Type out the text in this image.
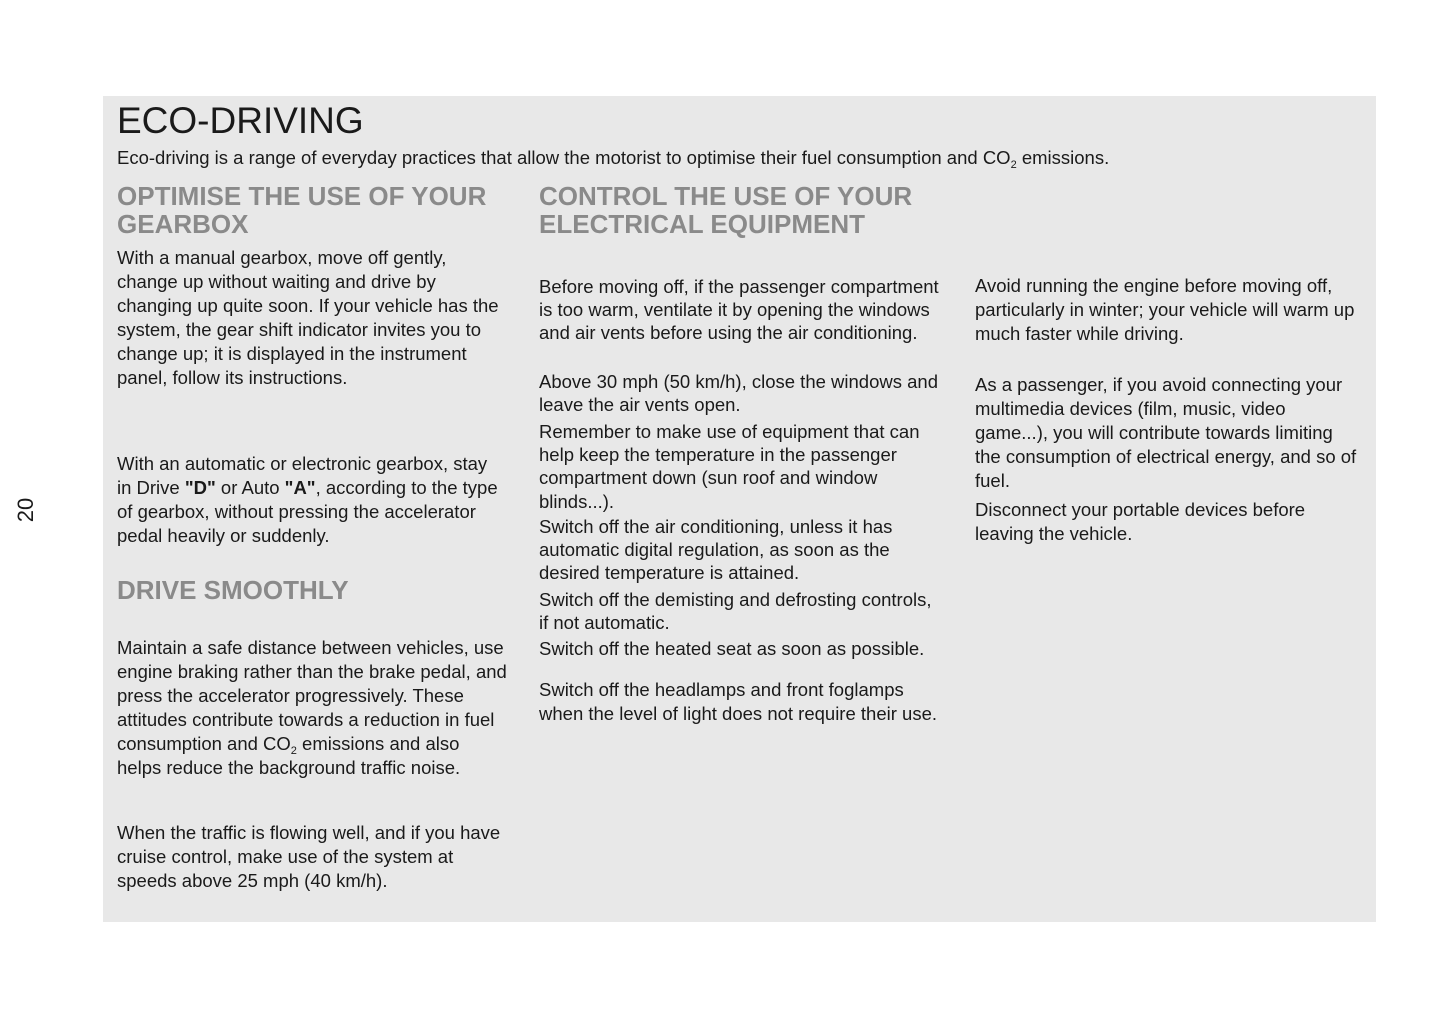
20
ECO-DRIVING

Eco-driving is a range of everyday practices that allow the motorist to optimise their fuel consumption and $CO_2$ emissions.

OPTIMISE THE USE OF YOUR
GEARBOX

With a manual gearbox, move off gently, change up without waiting and drive by changing up quite soon. If your vehicle has the system, the gear shift indicator invites you to change up; it is displayed in the instrument panel, follow its instructions.

With an automatic or electronic gearbox, stay in Drive "D" or Auto "A", according to the type of gearbox, without pressing the accelerator pedal heavily or suddenly.

DRIVE SMOOTHLY

Maintain a safe distance between vehicles, use engine braking rather than the brake pedal, and press the accelerator progressively. These attitudes contribute towards a reduction in fuel consumption and $CO_2$ emissions and also helps reduce the background traffic noise.

When the traffic is flowing well, and if you have cruise control, make use of the system at speeds above 25 mph (40 km/h).

CONTROL THE USE OF YOUR
ELECTRICAL EQUIPMENT

Before moving off, if the passenger compartment is too warm, ventilate it by opening the windows and air vents before using the air conditioning.

Above 30 mph (50 km/h), close the windows and leave the air vents open.

Remember to make use of equipment that can help keep the temperature in the passenger compartment down (sun roof and window blinds...).

Switch off the air conditioning, unless it has automatic digital regulation, as soon as the desired temperature is attained.

Switch off the demisting and defrosting controls, if not automatic.

Switch off the heated seat as soon as possible.

Switch off the headlamps and front foglamps when the level of light does not require their use.

Avoid running the engine before moving off, particularly in winter; your vehicle will warm up much faster while driving.

As a passenger, if you avoid connecting your multimedia devices (film, music, video game...), you will contribute towards limiting the consumption of electrical energy, and so of fuel.

Disconnect your portable devices before leaving the vehicle.
